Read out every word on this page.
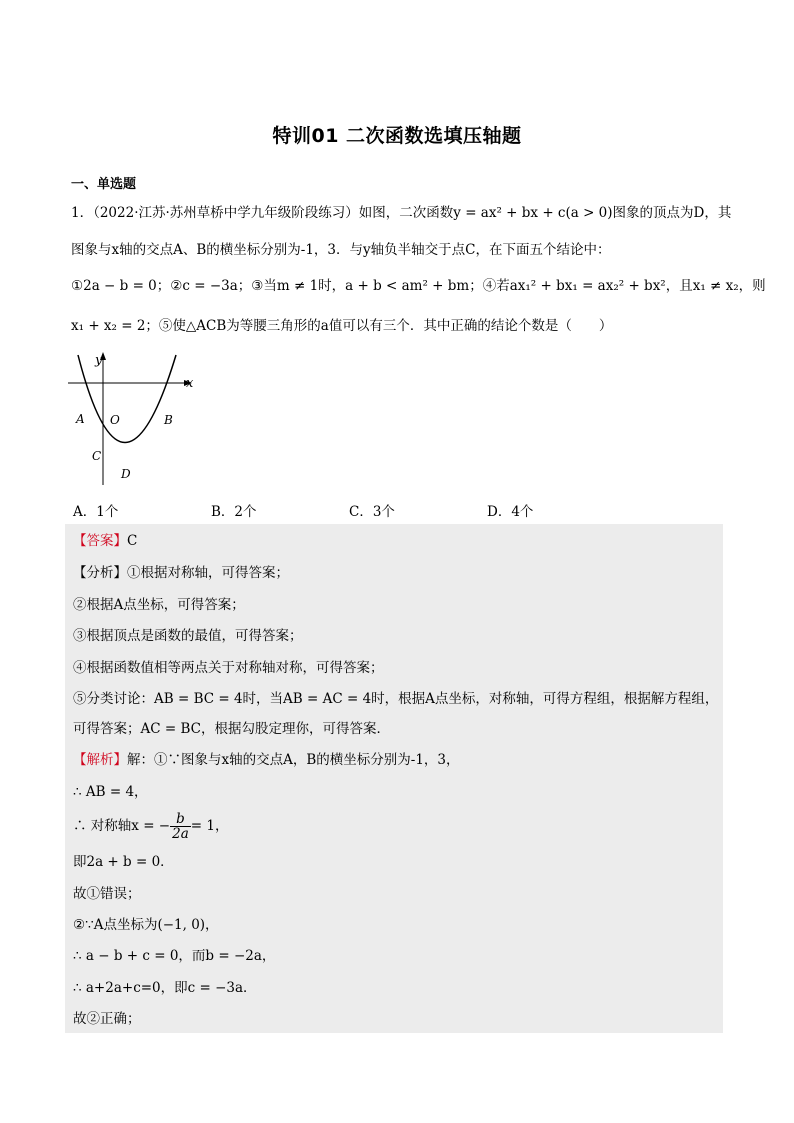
特训01 二次函数选填压轴题
一、单选题
1．（2022·江苏·苏州草桥中学九年级阶段练习）如图，二次函数y = ax² + bx + c(a > 0)图象的顶点为D，其
图象与x轴的交点A、B的横坐标分别为-1，3．与y轴负半轴交于点C，在下面五个结论中：
①2a − b = 0；②c = −3a；③当m ≠ 1时，a + b < am² + bm；④若ax₁² + bx₁ = ax₂² + bx²，且x₁ ≠ x₂，则
x₁ + x₂ = 2；⑤使△ACB为等腰三角形的a值可以有三个．其中正确的结论个数是（　　）
y
x
A O	B
C
D
A．1个	B．2个	C．3个	D．4个
【答案】C
【分析】①根据对称轴，可得答案；
②根据A点坐标，可得答案；
③根据顶点是函数的最值，可得答案；
④根据函数值相等两点关于对称轴对称，可得答案；
⑤分类讨论：AB = BC = 4时，当AB = AC = 4时，根据A点坐标，对称轴，可得方程组，根据解方程组，
可得答案；AC = BC，根据勾股定理你，可得答案．
【解析】解：①∵图象与x轴的交点A，B的横坐标分别为-1，3，
∴ AB = 4，
∴ 对称轴x = − $\frac{b}{2a} = 1$，
即2a + b = 0．
故①错误；
②∵A点坐标为(−1, 0)，
∴ a − b + c = 0，而b = −2a，
∴ a+2a+c=0，即c = −3a．
故②正确；
